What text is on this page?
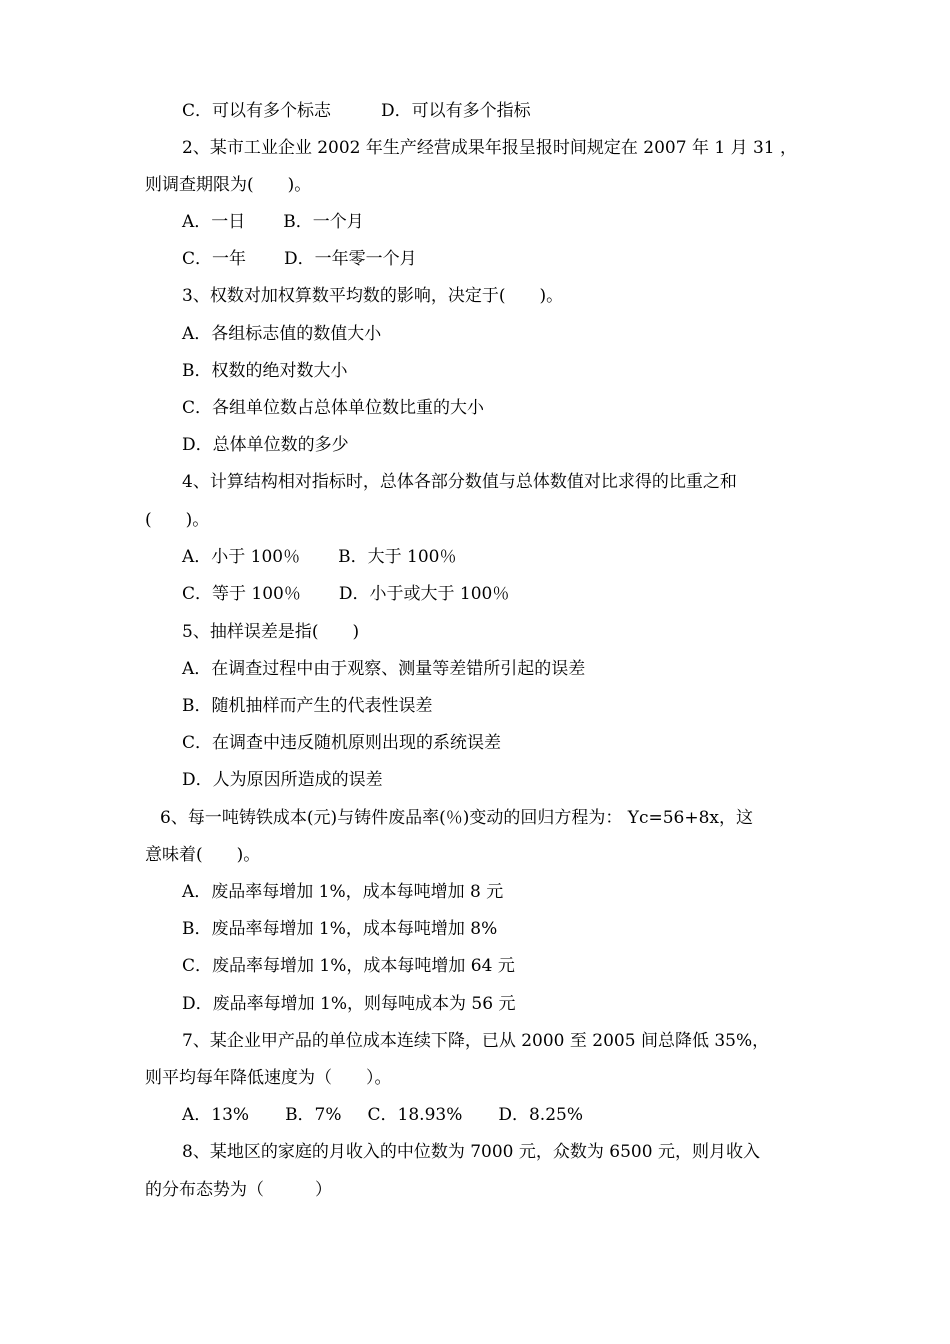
C．可以有多个标志	D．可以有多个指标
2、某市工业企业 2002 年生产经营成果年报呈报时间规定在 2007 年 1 月 31 ，
则调查期限为(　　)。
A．一日 B．一个月
C．一年 D．一年零一个月
3、权数对加权算数平均数的影响，决定于(　　)。
A．各组标志值的数值大小
B．权数的绝对数大小
C．各组单位数占总体单位数比重的大小
D．总体单位数的多少
4、计算结构相对指标时，总体各部分数值与总体数值对比求得的比重之和
(　　)。
A．小于 100％ B．大于 100％
C．等于 100％ D．小于或大于 100％
5、抽样误差是指(　　)
A．在调查过程中由于观察、测量等差错所引起的误差
B．随机抽样而产生的代表性误差
C．在调查中违反随机原则出现的系统误差
D．人为原因所造成的误差
6、每一吨铸铁成本(元)与铸件废品率(％)变动的回归方程为： Yc=56+8x，这
意味着(　　)。
A．废品率每增加 1%，成本每吨增加 8 元
B．废品率每增加 1%，成本每吨增加 8%
C．废品率每增加 1%，成本每吨增加 64 元
D．废品率每增加 1%，则每吨成本为 56 元
7、某企业甲产品的单位成本连续下降，已从 2000 至 2005 间总降低 35%，
则平均每年降低速度为（　　）。
A．13% B．7% C．18.93% D．8.25%
8、某地区的家庭的月收入的中位数为 7000 元，众数为 6500 元，则月收入
的分布态势为（　　　）
